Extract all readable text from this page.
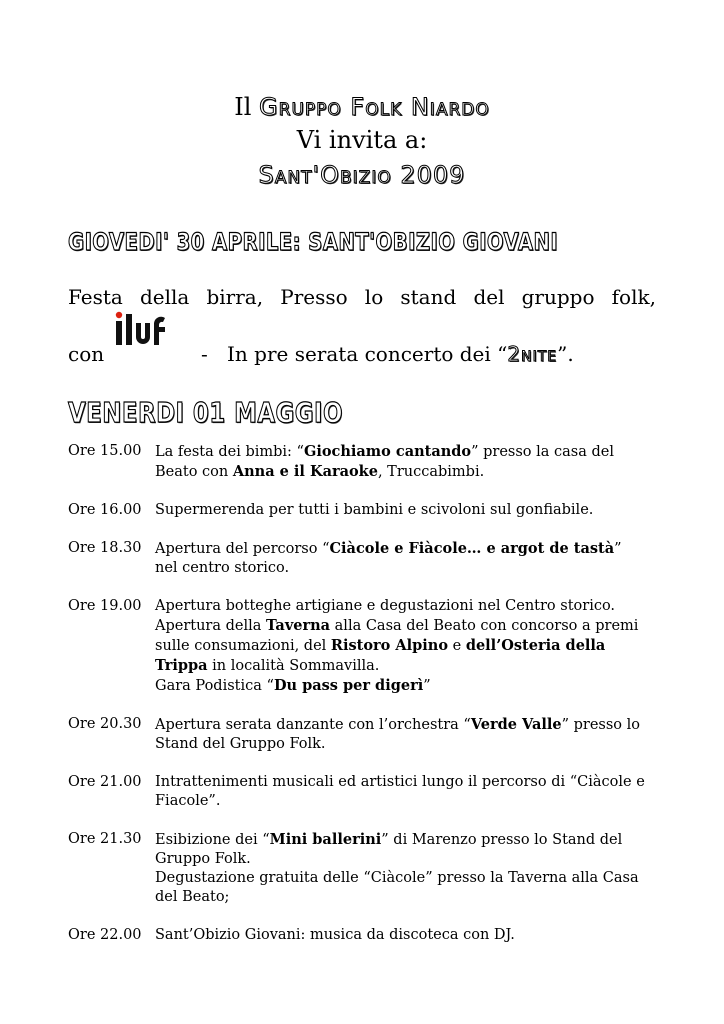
Il Gruppo Folk Niardo
Vi invita a:
Sant'Obizio 2009
GIOVEDI' 30 APRILE: SANT'OBIZIO GIOVANI
Festa della birra, Presso lo stand del gruppo folk,
con	- In pre serata concerto dei “2nite”.
VENERDI 01 MAGGIO
Ore 15.00 La festa dei bimbi: “Giochiamo cantando” presso la casa del

Beato con Anna e il Karaoke, Truccabimbi.

Ore 16.00 Supermerenda per tutti i bambini e scivoloni sul gonfiabile.

Ore 18.30 Apertura del percorso “Ciàcole e Fiàcole… e argot de tastà”

nel centro storico.

Ore 19.00 Apertura botteghe artigiane e degustazioni nel Centro storico.

Apertura della Taverna alla Casa del Beato con concorso a premi

sulle consumazioni, del Ristoro Alpino e dell’Osteria della

Trippa in località Sommavilla.

Gara Podistica “Du pass per digerì”

Ore 20.30 Apertura serata danzante con l’orchestra “Verde Valle” presso lo

Stand del Gruppo Folk.

Ore 21.00 Intrattenimenti musicali ed artistici lungo il percorso di “Ciàcole e

Fiacole”.

Ore 21.30 Esibizione dei “Mini ballerini” di Marenzo presso lo Stand del

Gruppo Folk.

Degustazione gratuita delle “Ciàcole” presso la Taverna alla Casa

del Beato;

Ore 22.00 Sant’Obizio Giovani: musica da discoteca con DJ.
